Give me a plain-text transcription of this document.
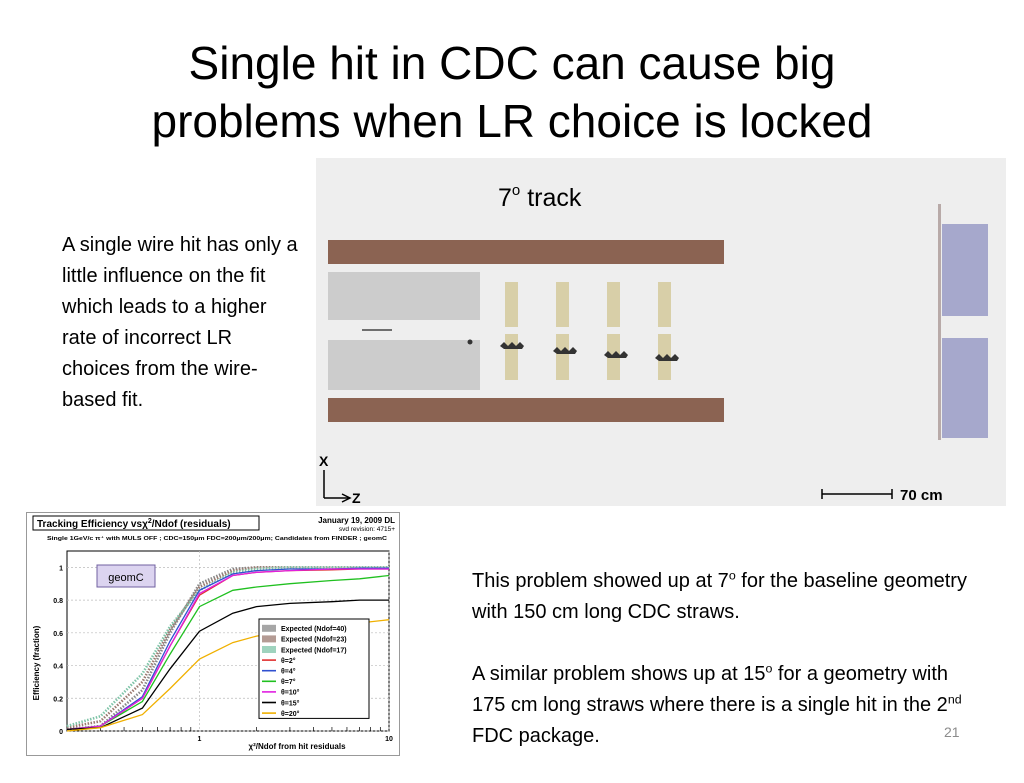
Single hit in CDC can cause big
problems when LR choice is locked
A single wire hit has only a little influence on the fit which leads to a higher rate of incorrect LR choices from the wire-based fit.
7$^o$ track
X
Z	70 cm
Tracking Efficiency vsχ$^2$/Ndof (residuals)	January 19, 2009 DL
svd revision: 4715+
Single 1GeV/c π⁺ with MULS OFF ; CDC=150μm FDC=200μm/200μm; Candidates from FINDER ; geomC
Efficiency (fraction)
χ²/Ndof from hit residuals
0
0.2
0.4
0.6
0.8
1
1	10
Expected (Ndof=40)
Expected (Ndof=23)
Expected (Ndof=17)
θ=2°
θ=4°
θ=7°
θ=10°
θ=15°
θ=20°
geomC	This problem showed up at 7$^o$ for the baseline geometry with 150 cm long CDC straws.

A similar problem shows up at 15$^o$ for a geometry with 175 cm long straws where there is a single hit in the 2nd FDC package.	21
